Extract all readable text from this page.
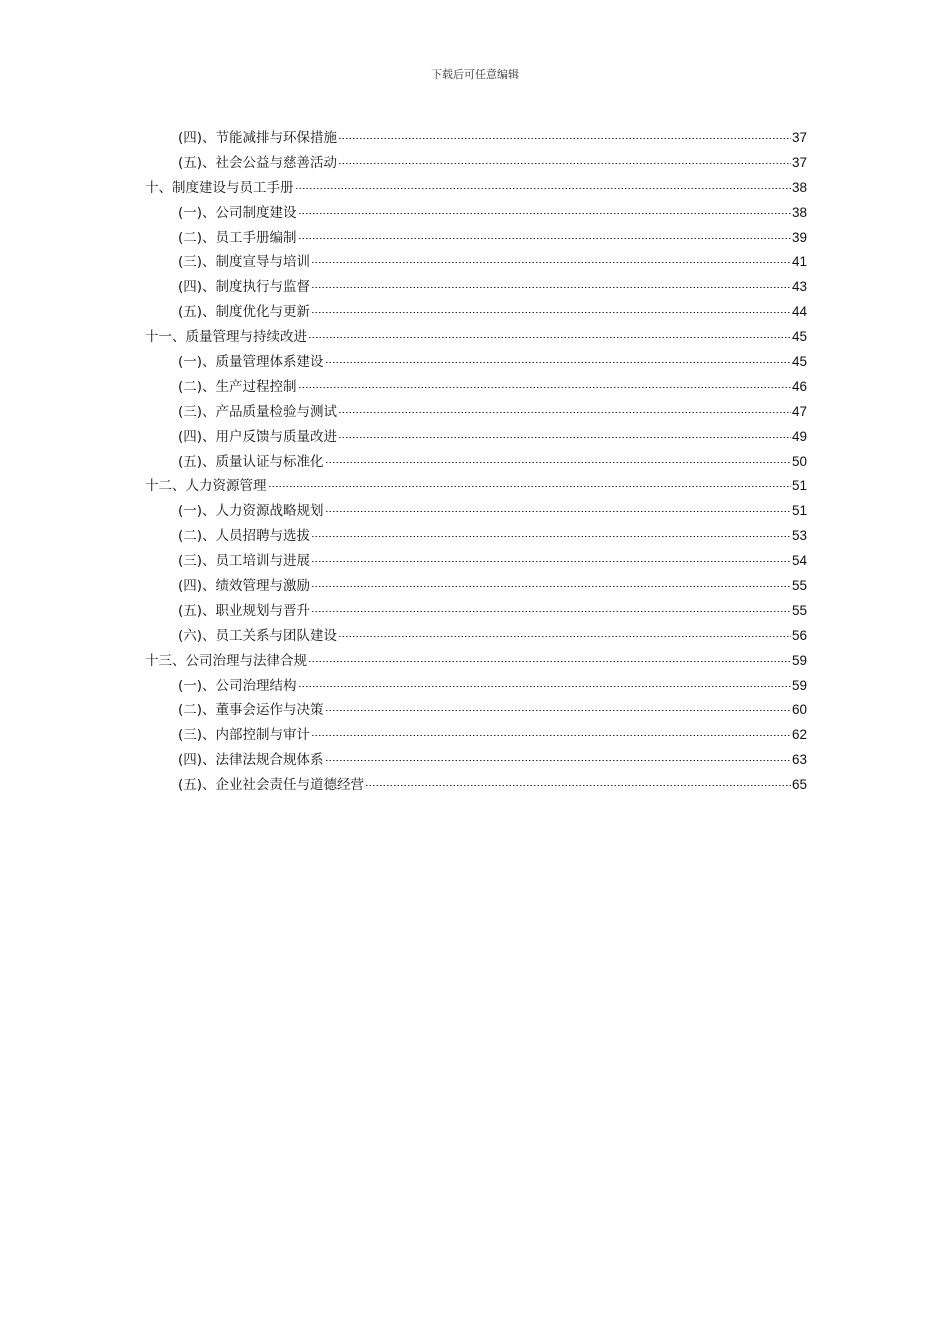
下载后可任意编辑
(四)、节能减排与环保措施	37
(五)、社会公益与慈善活动	37
十、制度建设与员工手册	38
(一)、公司制度建设	38
(二)、员工手册编制	39
(三)、制度宣导与培训	41
(四)、制度执行与监督	43
(五)、制度优化与更新	44
十一、质量管理与持续改进	45
(一)、质量管理体系建设	45
(二)、生产过程控制	46
(三)、产品质量检验与测试	47
(四)、用户反馈与质量改进	49
(五)、质量认证与标准化	50
十二、人力资源管理	51
(一)、人力资源战略规划	51
(二)、人员招聘与选拔	53
(三)、员工培训与进展	54
(四)、绩效管理与激励	55
(五)、职业规划与晋升	55
(六)、员工关系与团队建设	56
十三、公司治理与法律合规	59
(一)、公司治理结构	59
(二)、董事会运作与决策	60
(三)、内部控制与审计	62
(四)、法律法规合规体系	63
(五)、企业社会责任与道德经营	65
